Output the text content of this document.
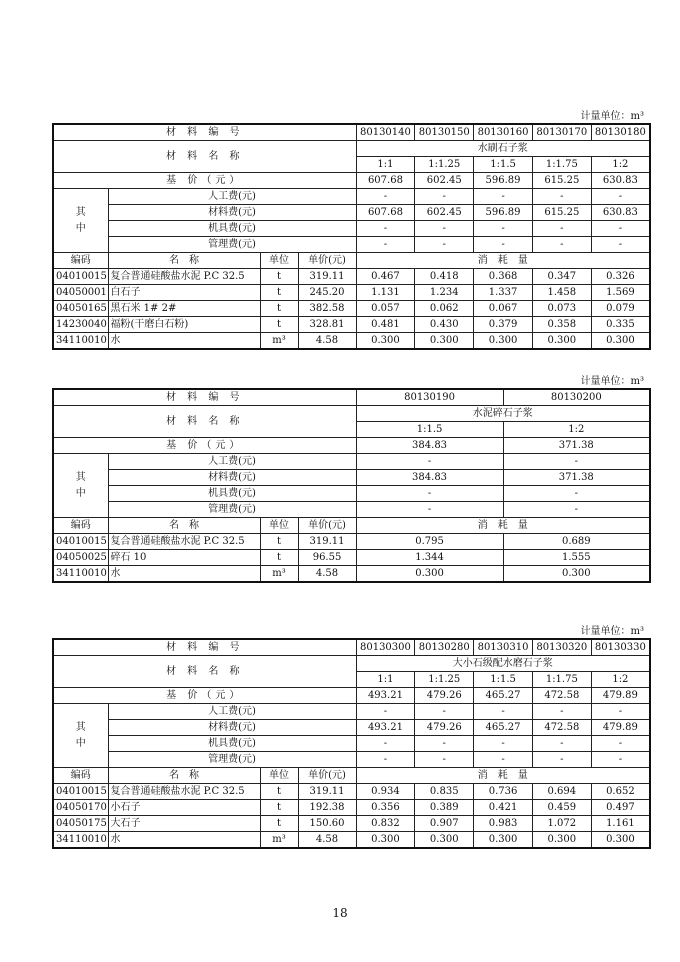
计量单位：m³
材 料 编 号				80130140	80130150	80130160	80130170	80130180
材 料 名 称				水刷石子浆				
				1:1	1:1.25	1:1.5	1:1.75	1:2
基 价（元）				607.68	602.45	596.89	615.25	630.83
其
中	人工费(元)			-	-	-	-	-
	材料费(元)			607.68	602.45	596.89	615.25	630.83
	机具费(元)			-	-	-	-	-
	管理费(元)			-	-	-	-	-
编码	名　称	单位	单价(元)	消　耗　量				
04010015	复合普通硅酸盐水泥 P.C 32.5	t	319.11	0.467	0.418	0.368	0.347	0.326
04050001	白石子	t	245.20	1.131	1.234	1.337	1.458	1.569
04050165	黑石米 1# 2#	t	382.58	0.057	0.062	0.067	0.073	0.079
14230040	福粉(干磨白石粉)	t	328.81	0.481	0.430	0.379	0.358	0.335
34110010	水	m³	4.58	0.300	0.300	0.300	0.300	0.300
计量单位：m³
材 料 编 号				80130190	80130200
材 料 名 称				水泥碎石子浆	
				1:1.5	1:2
基 价（元）				384.83	371.38
其
中	人工费(元)			-	-
	材料费(元)			384.83	371.38
	机具费(元)			-	-
	管理费(元)			-	-
编码	名　称	单位	单价(元)	消　耗　量	
04010015	复合普通硅酸盐水泥 P.C 32.5	t	319.11	0.795	0.689
04050025	碎石 10	t	96.55	1.344	1.555
34110010	水	m³	4.58	0.300	0.300
计量单位：m³
材 料 编 号				80130300	80130280	80130310	80130320	80130330
材 料 名 称				大小石级配水磨石子浆				
				1:1	1:1.25	1:1.5	1:1.75	1:2
基 价（元）				493.21	479.26	465.27	472.58	479.89
其
中	人工费(元)			-	-	-	-	-
	材料费(元)			493.21	479.26	465.27	472.58	479.89
	机具费(元)			-	-	-	-	-
	管理费(元)			-	-	-	-	-
编码	名　称	单位	单价(元)	消　耗　量				
04010015	复合普通硅酸盐水泥 P.C 32.5	t	319.11	0.934	0.835	0.736	0.694	0.652
04050170	小石子	t	192.38	0.356	0.389	0.421	0.459	0.497
04050175	大石子	t	150.60	0.832	0.907	0.983	1.072	1.161
34110010	水	m³	4.58	0.300	0.300	0.300	0.300	0.300
18
